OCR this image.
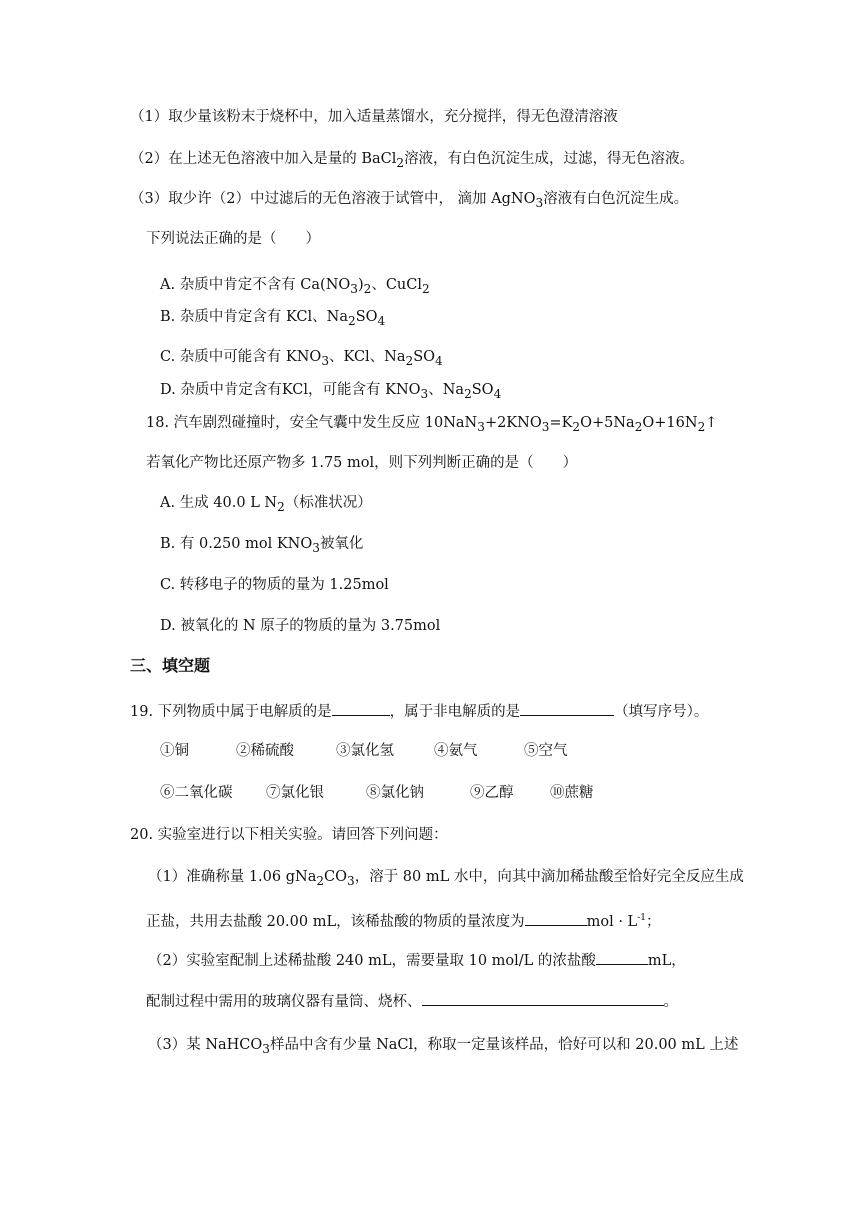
（1）取少量该粉末于烧杯中，加入适量蒸馏水，充分搅拌，得无色澄清溶液
（2）在上述无色溶液中加入是量的 BaCl$_2$溶液，有白色沉淀生成，过滤，得无色溶液。
（3）取少许（2）中过滤后的无色溶液于试管中， 滴加 AgNO$_3$溶液有白色沉淀生成。
下列说法正确的是（　　）
A. 杂质中肯定不含有 $Ca(NO_3)_2$、CuCl$_2$
B. 杂质中肯定含有 KCl、$Na_2SO_4$
C. 杂质中可能含有 $KNO_3$、KCl、$Na_2SO_4$
D. 杂质中肯定含有KCl，可能含有 $KNO_3$、$Na_2SO_4$
18. 汽车剧烈碰撞时，安全气囊中发生反应 $10NaN_3+2KNO_3=K_2O+5Na_2O+16N_2↑$
若氧化产物比还原产物多 1.75 mol，则下列判断正确的是（　　）
A. 生成 40.0 L $N_2$（标准状况）
B. 有 0.250 mol $KNO_3$被氧化
C. 转移电子的物质的量为 1.25mol
D. 被氧化的 N 原子的物质的量为 3.75mol
三、填空题
19. 下列物质中属于电解质的是	，属于非电解质的是	（填写序号）。
①铜	②稀硫酸	③氯化氢	④氨气	⑤空气
⑥二氧化碳 ⑦氯化银	⑧氯化钠	⑨乙醇	⑩蔗糖
20. 实验室进行以下相关实验。请回答下列问题：
（1）准确称量 1.06 $gNa_2CO_3$，溶于 80 mL 水中，向其中滴加稀盐酸至恰好完全反应生成
正盐，共用去盐酸 20.00 mL，该稀盐酸的物质的量浓度为	mol · $L^{-1}$；
（2）实验室配制上述稀盐酸 240 mL，需要量取 10 mol/L 的浓盐酸	mL，
配制过程中需用的玻璃仪器有量筒、烧杯、	。
（3）某 NaHCO$_3$样品中含有少量 NaCl，称取一定量该样品，恰好可以和 20.00 mL 上述
